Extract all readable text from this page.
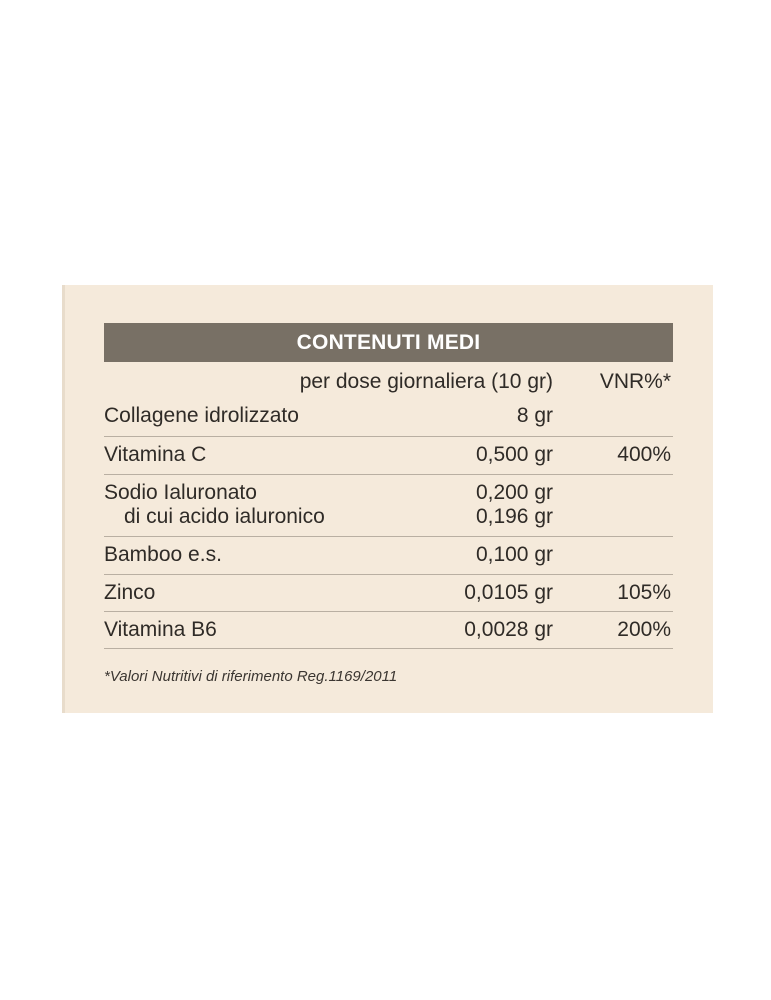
CONTENUTI MEDI
per dose giornaliera (10 gr) VNR%*
Collagene idrolizzato	8 gr
Vitamina C	0,500 gr	400%
Sodio Ialuronato	0,200 gr
di cui acido ialuronico	0,196 gr
Bamboo e.s.	0,100 gr
Zinco	0,0105 gr	105%
Vitamina B6	0,0028 gr	200%
*Valori Nutritivi di riferimento Reg.1169/2011
